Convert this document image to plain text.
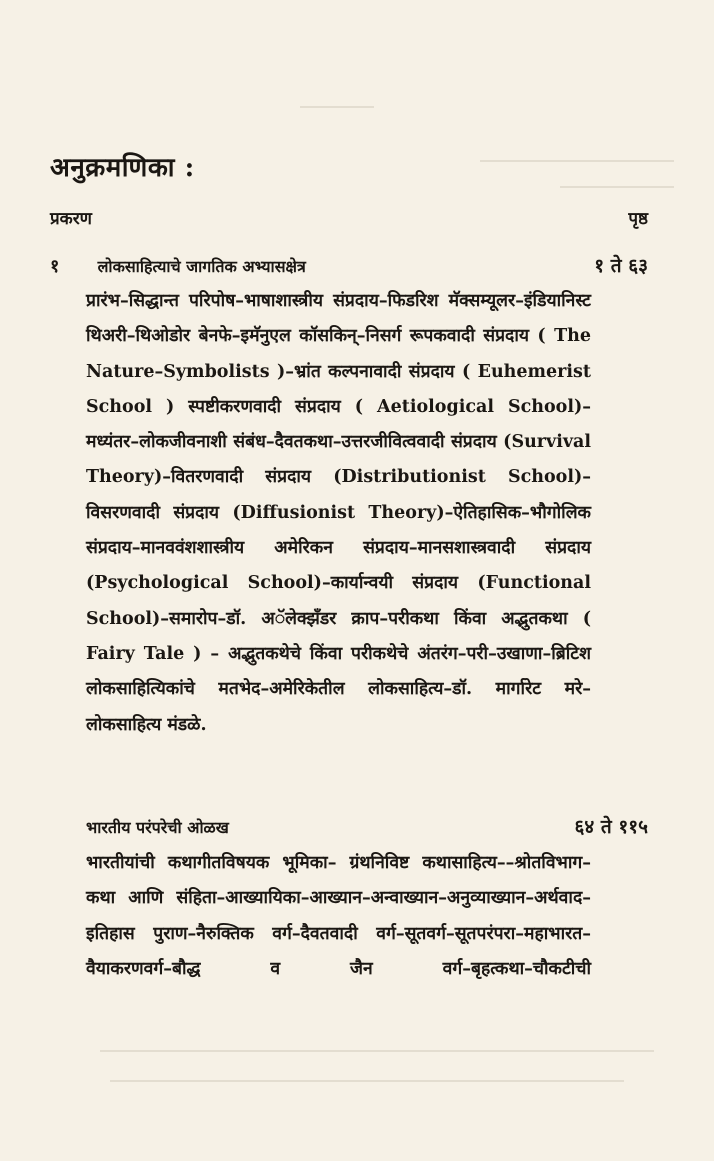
अनुक्रमणिका :
प्रकरण	पृष्ठ
१ लोकसाहित्याचे जागतिक अभ्यासक्षेत्र	१ ते ६३

प्रारंभ–सिद्धान्त परिपोष–भाषाशास्त्रीय संप्रदाय–फिडरिश मॅक्सम्यूलर–इंडियानिस्ट थिअरी–थिओडोर बेनफे–इमॅनुएल कॉसकिन्–निसर्ग रूपकवादी संप्रदाय ( The Nature–Symbolists )–भ्रांत कल्पनावादी संप्रदाय ( Euhemerist School ) स्पष्टीकरणवादी संप्रदाय ( Aetiological School)–मध्यंतर–लोकजीवनाशी संबंध–दैवतकथा–उत्तरजीवित्ववादी संप्रदाय (Survival Theory)–वितरणवादी संप्रदाय (Distributionist School)–विसरणवादी संप्रदाय (Diffusionist Theory)–ऐतिहासिक–भौगोलिक संप्रदाय–मानववंशशास्त्रीय अमेरिकन संप्रदाय–मानसशास्त्रवादी संप्रदाय (Psychological School)–कार्यान्वयी संप्रदाय (Functional School)–समारोप–डॉ. अॅलेक्झँडर क्राप–परीकथा किंवा अद्भुतकथा ( Fairy Tale ) – अद्भुतकथेचे किंवा परीकथेचे अंतरंग–परी–उखाणा–ब्रिटिश लोकसाहित्यिकांचे मतभेद–अमेरिकेतील लोकसाहित्य–डॉ. मार्गारेट मरे–लोकसाहित्य मंडळे.

भारतीय परंपरेची ओळख	६४ ते ११५

भारतीयांची कथागीतविषयक भूमिका– ग्रंथनिविष्ट कथासाहित्य––श्रोतविभाग–कथा आणि संहिता–आख्यायिका–आख्यान–अन्वाख्यान–अनुव्याख्यान–अर्थवाद–इतिहास पुराण–नैरुक्तिक वर्ग–दैवतवादी वर्ग–सूतवर्ग–सूतपरंपरा–महाभारत–वैयाकरणवर्ग–बौद्ध व जैन वर्ग–बृहत्कथा–चौकटीची
